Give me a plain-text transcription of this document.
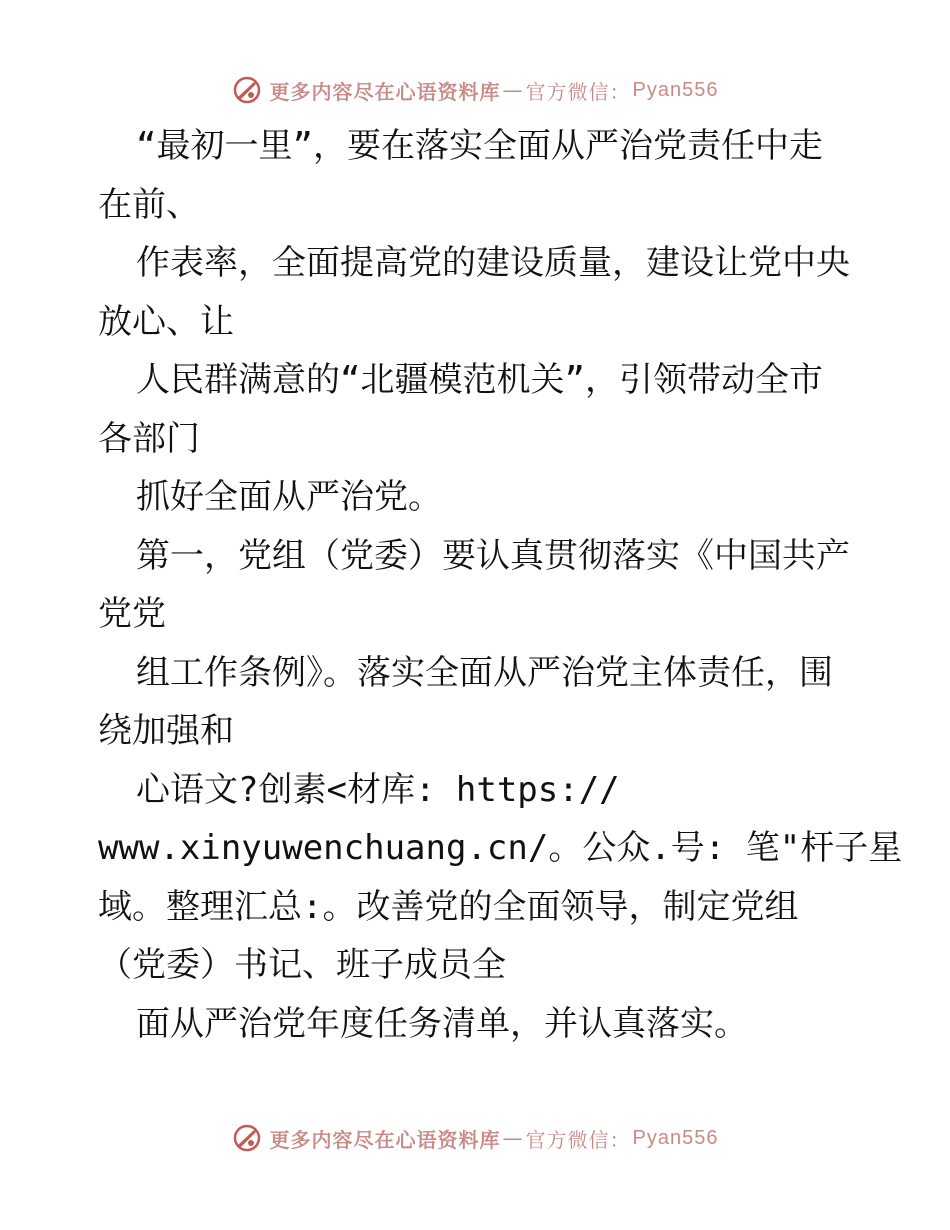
更多内容尽在心语资料库 — 官方微信： Pyan556
“最初一里”，要在落实全面从严治党责任中走
在前、
作表率，全面提高党的建设质量，建设让党中央
放心、让
人民群满意的“北疆模范机关”，引领带动全市
各部门
抓好全面从严治党。
第一，党组（党委）要认真贯彻落实《中国共产
党党
组工作条例》。落实全面从严治党主体责任，围
绕加强和
心语文?创素<材库: https://
www.xinyuwenchuang.cn/。公众.号: 笔"杆子星
域。整理汇总:。改善党的全面领导，制定党组
（党委）书记、班子成员全
面从严治党年度任务清单，并认真落实。
更多内容尽在心语资料库 — 官方微信： Pyan556
